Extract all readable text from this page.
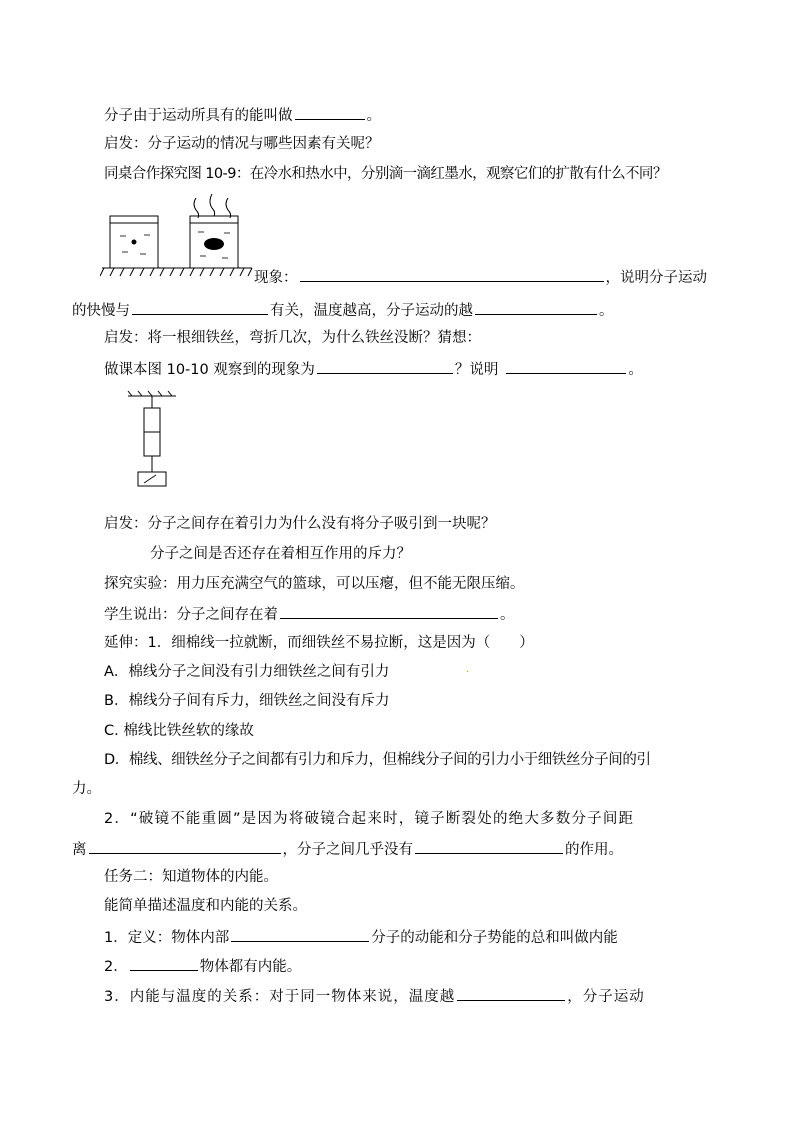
分子由于运动所具有的能叫做	。
启发：分子运动的情况与哪些因素有关呢？
同桌合作探究图 10-9：在冷水和热水中，分别滴一滴红墨水，观察它们的扩散有什么不同？
现象：	，说明分子运动
的快慢与	有关，温度越高，分子运动的越	。
启发：将一根细铁丝，弯折几次，为什么铁丝没断？猜想：
做课本图 10-10 观察到的现象为	？说明	。
启发：分子之间存在着引力为什么没有将分子吸引到一块呢？
分子之间是否还存在着相互作用的斥力？
探究实验：用力压充满空气的篮球，可以压瘪，但不能无限压缩。
学生说出：分子之间存在着	。
延伸：1．细棉线一拉就断，而细铁丝不易拉断，这是因为（　　）
A．棉线分子之间没有引力细铁丝之间有引力	.
B．棉线分子间有斥力，细铁丝之间没有斥力
C. 棉线比铁丝软的缘故
D．棉线、细铁丝分子之间都有引力和斥力，但棉线分子间的引力小于细铁丝分子间的引
力。
2．“破镜不能重圆”是因为将破镜合起来时，镜子断裂处的绝大多数分子间距
离	，分子之间几乎没有	的作用。
任务二：知道物体的内能。
能简单描述温度和内能的关系。
1．定义：物体内部	分子的动能和分子势能的总和叫做内能
2．	物体都有内能。
3．内能与温度的关系：对于同一物体来说，温度越	，分子运动
